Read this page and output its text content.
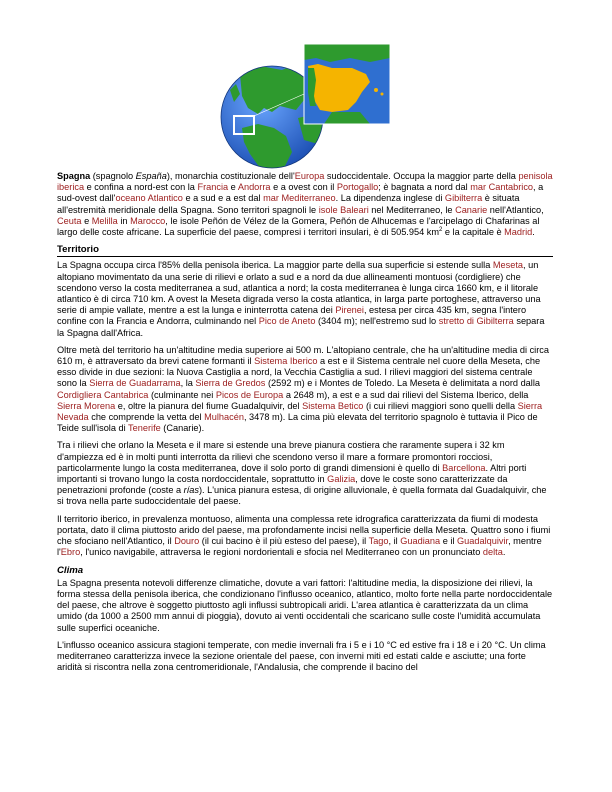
Spagna (spagnolo España), monarchia costituzionale dell'Europa sudoccidentale. Occupa la maggior parte della penisola iberica e confina a nord-est con la Francia e Andorra e a ovest con il Portogallo; è bagnata a nord dal mar Cantabrico, a sud-ovest dall'oceano Atlantico e a sud e a est dal mar Mediterraneo. La dipendenza inglese di Gibilterra è situata all'estremità meridionale della Spagna. Sono territori spagnoli le isole Baleari nel Mediterraneo, le Canarie nell'Atlantico, Ceuta e Melilla in Marocco, le isole Peñón de Vélez de la Gomera, Peñón de Alhucemas e l'arcipelago di Chafarinas al largo delle coste africane. La superficie del paese, compresi i territori insulari, è di 505.954 $km^2$ e la capitale è Madrid.

Territorio

La Spagna occupa circa l'85% della penisola iberica. La maggior parte della sua superficie si estende sulla Meseta, un altopiano movimentato da una serie di rilievi e orlato a sud e a nord da due allineamenti montuosi (cordigliere) che scendono verso la costa mediterranea a sud, atlantica a nord; la costa mediterranea è lunga circa 1660 km, e il litorale atlantico è di circa 710 km. A ovest la Meseta digrada verso la costa atlantica, in larga parte portoghese, attraverso una serie di ampie vallate, mentre a est la lunga e ininterrotta catena dei Pirenei, estesa per circa 435 km, segna l'intero confine con la Francia e Andorra, culminando nel Pico de Aneto (3404 m); nell'estremo sud lo stretto di Gibilterra separa la Spagna dall'Africa.

Oltre metà del territorio ha un'altitudine media superiore ai 500 m. L'altopiano centrale, che ha un'altitudine media di circa 610 m, è attraversato da brevi catene formanti il Sistema Iberico a est e il Sistema centrale nel cuore della Meseta, che esso divide in due sezioni: la Nuova Castiglia a nord, la Vecchia Castiglia a sud. I rilievi maggiori del sistema centrale sono la Sierra de Guadarrama, la Sierra de Gredos (2592 m) e i Montes de Toledo. La Meseta è delimitata a nord dalla Cordigliera Cantabrica (culminante nei Picos de Europa a 2648 m), a est e a sud dai rilievi del Sistema Iberico, della Sierra Morena e, oltre la pianura del fiume Guadalquivir, del Sistema Betico (i cui rilievi maggiori sono quelli della Sierra Nevada che comprende la vetta del Mulhacén, 3478 m). La cima più elevata del territorio spagnolo è tuttavia il Pico de Teide sull'isola di Tenerife (Canarie).

Tra i rilievi che orlano la Meseta e il mare si estende una breve pianura costiera che raramente supera i 32 km d'ampiezza ed è in molti punti interrotta da rilievi che scendono verso il mare a formare promontori rocciosi, particolarmente lungo la costa mediterranea, dove il solo porto di grandi dimensioni è quello di Barcellona. Altri porti importanti si trovano lungo la costa nordoccidentale, soprattutto in Galizia, dove le coste sono caratterizzate da penetrazioni profonde (coste a rías). L'unica pianura estesa, di origine alluvionale, è quella formata dal Guadalquivir, che si trova nella parte sudoccidentale del paese.

Il territorio iberico, in prevalenza montuoso, alimenta una complessa rete idrografica caratterizzata da fiumi di modesta portata, dato il clima piuttosto arido del paese, ma profondamente incisi nella superficie della Meseta. Quattro sono i fiumi che sfociano nell'Atlantico, il Douro (il cui bacino è il più esteso del paese), il Tago, il Guadiana e il Guadalquivir, mentre l'Ebro, l'unico navigabile, attraversa le regioni nordorientali e sfocia nel Mediterraneo con un pronunciato delta.

Clima

La Spagna presenta notevoli differenze climatiche, dovute a vari fattori: l'altitudine media, la disposizione dei rilievi, la forma stessa della penisola iberica, che condizionano l'influsso oceanico, atlantico, molto forte nella parte nordoccidentale del paese, che altrove è soggetto piuttosto agli influssi subtropicali aridi. L'area atlantica è caratterizzata da un clima umido (da 1000 a 2500 mm annui di pioggia), dovuto ai venti occidentali che scaricano sulle coste l'umidità accumulata sulle superfici oceaniche.

L'influsso oceanico assicura stagioni temperate, con medie invernali fra i 5 e i 10 °C ed estive fra i 18 e i 20 °C. Un clima mediterraneo caratterizza invece la sezione orientale del paese, con inverni miti ed estati calde e asciutte; una forte aridità si riscontra nella zona centromeridionale, l'Andalusia, che comprende il bacino del
